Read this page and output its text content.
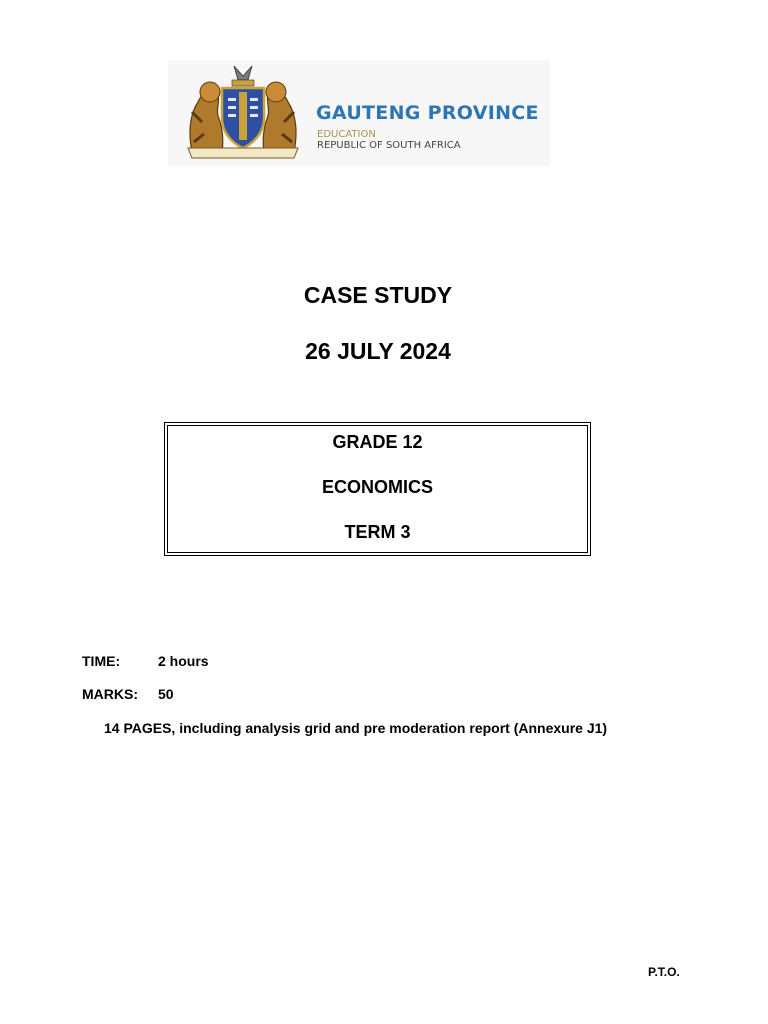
GAUTENG PROVINCE
EDUCATION
REPUBLIC OF SOUTH AFRICA
CASE STUDY
26 JULY 2024
GRADE 12
ECONOMICS
TERM 3
TIME:	2 hours
MARKS: 50
14 PAGES, including analysis grid and pre moderation report (Annexure J1)
P.T.O.
